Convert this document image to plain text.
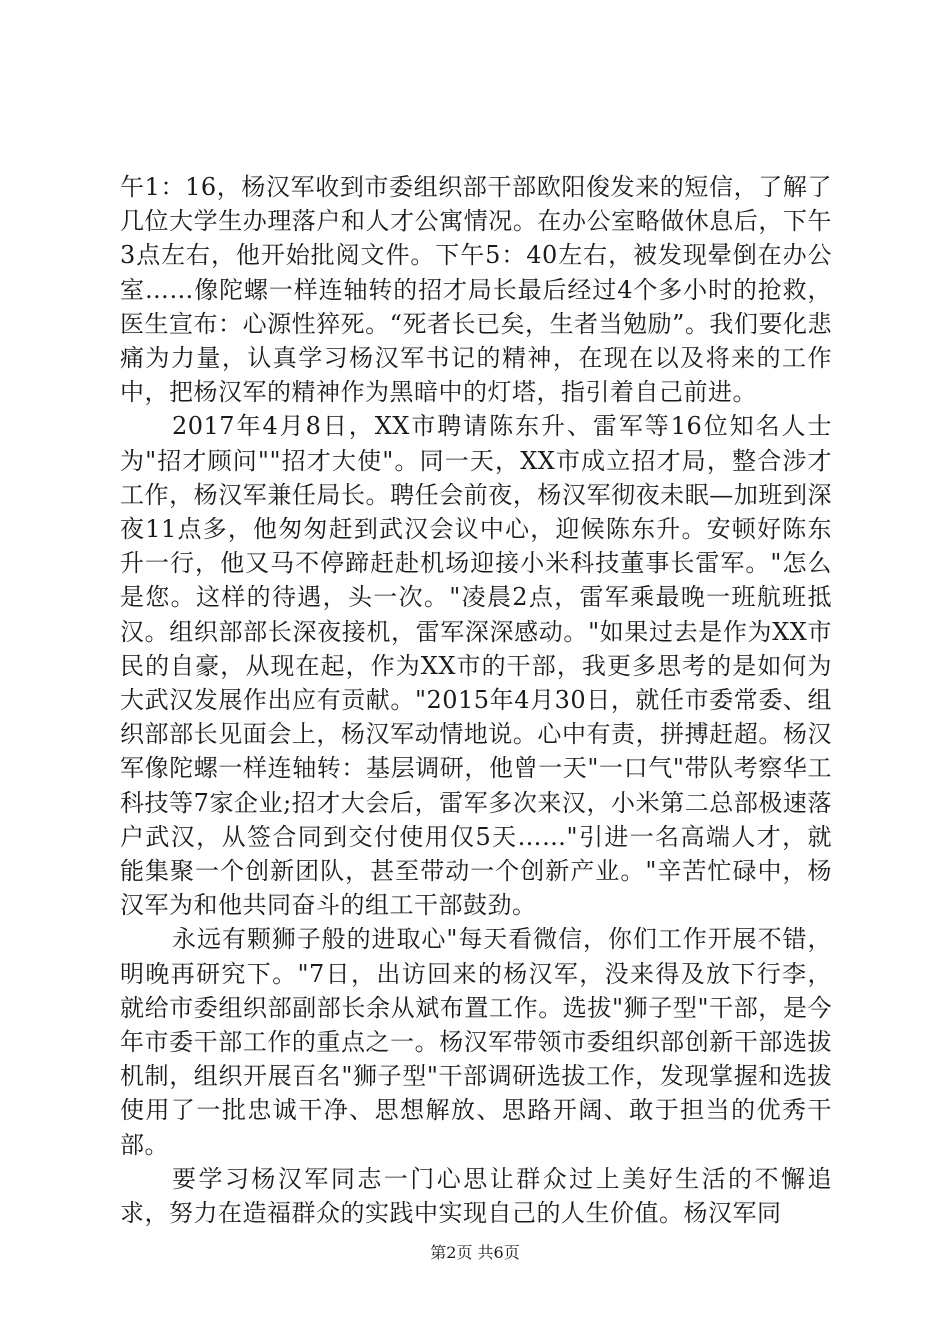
午1：16，杨汉军收到市委组织部干部欧阳俊发来的短信，了解了几位大学生办理落户和人才公寓情况。在办公室略做休息后，下午3点左右，他开始批阅文件。下午5：40左右，被发现晕倒在办公室……像陀螺一样连轴转的招才局长最后经过4个多小时的抢救，医生宣布：心源性猝死。“死者长已矣，生者当勉励”。我们要化悲痛为力量，认真学习杨汉军书记的精神，在现在以及将来的工作中，把杨汉军的精神作为黑暗中的灯塔，指引着自己前进。

2017年4月8日，XX市聘请陈东升、雷军等16位知名人士为"招才顾问""招才大使"。同一天，XX市成立招才局，整合涉才工作，杨汉军兼任局长。聘任会前夜，杨汉军彻夜未眠—加班到深夜11点多，他匆匆赶到武汉会议中心，迎候陈东升。安顿好陈东升一行，他又马不停蹄赶赴机场迎接小米科技董事长雷军。"怎么是您。这样的待遇，头一次。"凌晨2点，雷军乘最晚一班航班抵汉。组织部部长深夜接机，雷军深深感动。"如果过去是作为XX市民的自豪，从现在起，作为XX市的干部，我更多思考的是如何为大武汉发展作出应有贡献。"2015年4月30日，就任市委常委、组织部部长见面会上，杨汉军动情地说。心中有责，拼搏赶超。杨汉军像陀螺一样连轴转：基层调研，他曾一天"一口气"带队考察华工科技等7家企业;招才大会后，雷军多次来汉，小米第二总部极速落户武汉，从签合同到交付使用仅5天……"引进一名高端人才，就能集聚一个创新团队，甚至带动一个创新产业。"辛苦忙碌中，杨汉军为和他共同奋斗的组工干部鼓劲。

永远有颗狮子般的进取心"每天看微信，你们工作开展不错，明晚再研究下。"7日，出访回来的杨汉军，没来得及放下行李，就给市委组织部副部长余从斌布置工作。选拔"狮子型"干部，是今年市委干部工作的重点之一。杨汉军带领市委组织部创新干部选拔机制，组织开展百名"狮子型"干部调研选拔工作，发现掌握和选拔使用了一批忠诚干净、思想解放、思路开阔、敢于担当的优秀干部。

要学习杨汉军同志一门心思让群众过上美好生活的不懈追求，努力在造福群众的实践中实现自己的人生价值。杨汉军同

第2页 共6页
